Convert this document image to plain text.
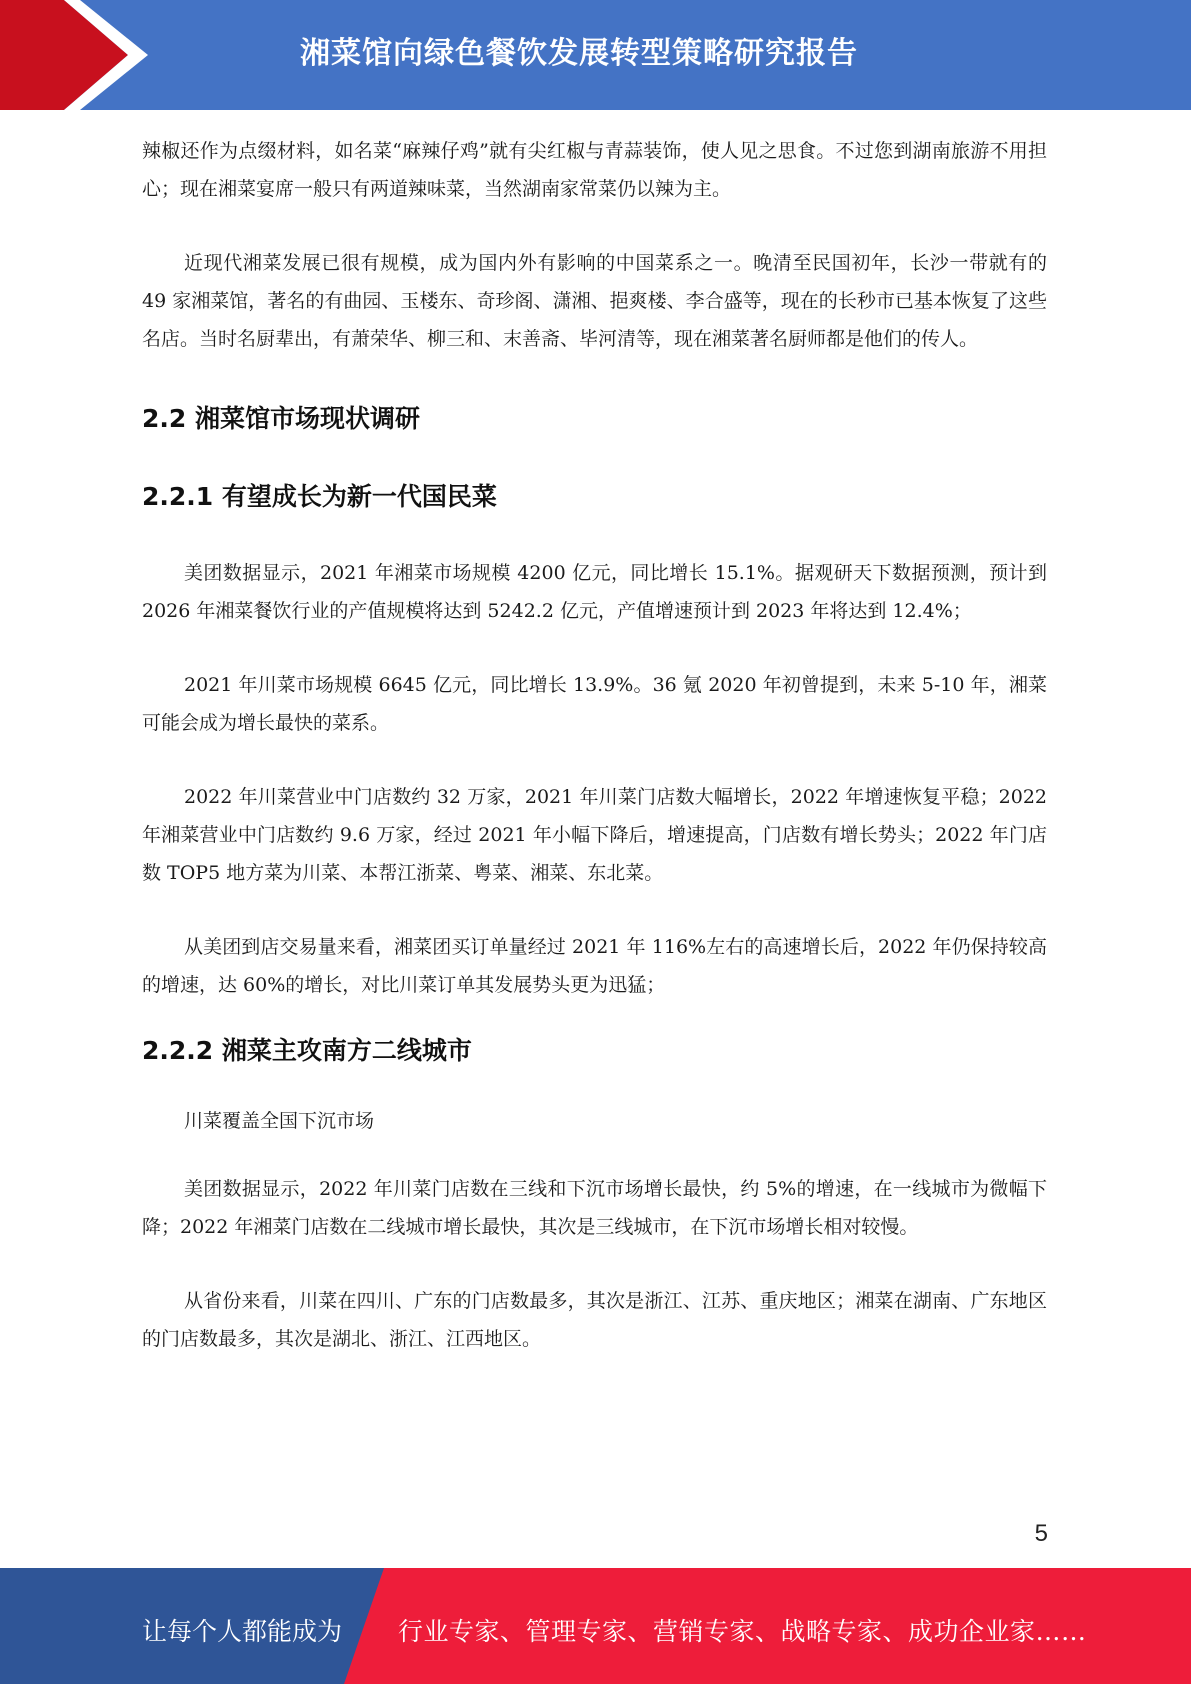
湘菜馆向绿色餐饮发展转型策略研究报告

辣椒还作为点缀材料，如名菜“麻辣仔鸡”就有尖红椒与青蒜装饰，使人见之思食。不过您到湖南旅游不用担心；现在湘菜宴席一般只有两道辣味菜，当然湖南家常菜仍以辣为主。

近现代湘菜发展已很有规模，成为国内外有影响的中国菜系之一。晚清至民国初年，长沙一带就有的 49 家湘菜馆，著名的有曲园、玉楼东、奇珍阁、潇湘、挹爽楼、李合盛等，现在的长秒市已基本恢复了这些名店。当时名厨辈出，有萧荣华、柳三和、末善斋、毕河清等，现在湘菜著名厨师都是他们的传人。

2.2 湘菜馆市场现状调研
2.2.1 有望成长为新一代国民菜

美团数据显示，2021 年湘菜市场规模 4200 亿元，同比增长 15.1%。据观研天下数据预测，预计到 2026 年湘菜餐饮行业的产值规模将达到 5242.2 亿元，产值增速预计到 2023 年将达到 12.4%；

2021 年川菜市场规模 6645 亿元，同比增长 13.9%。36 氪 2020 年初曾提到，未来 5-10 年，湘菜可能会成为增长最快的菜系。

2022 年川菜营业中门店数约 32 万家，2021 年川菜门店数大幅增长，2022 年增速恢复平稳；2022 年湘菜营业中门店数约 9.6 万家，经过 2021 年小幅下降后，增速提高，门店数有增长势头；2022 年门店数 TOP5 地方菜为川菜、本帮江浙菜、粤菜、湘菜、东北菜。

从美团到店交易量来看，湘菜团买订单量经过 2021 年 116%左右的高速增长后，2022 年仍保持较高的增速，达 60%的增长，对比川菜订单其发展势头更为迅猛；

2.2.2 湘菜主攻南方二线城市

川菜覆盖全国下沉市场

美团数据显示，2022 年川菜门店数在三线和下沉市场增长最快，约 5%的增速，在一线城市为微幅下降；2022 年湘菜门店数在二线城市增长最快，其次是三线城市，在下沉市场增长相对较慢。

从省份来看，川菜在四川、广东的门店数最多，其次是浙江、江苏、重庆地区；湘菜在湖南、广东地区的门店数最多，其次是湖北、浙江、江西地区。

5
让每个人都能成为 行业专家、管理专家、营销专家、战略专家、成功企业家……
